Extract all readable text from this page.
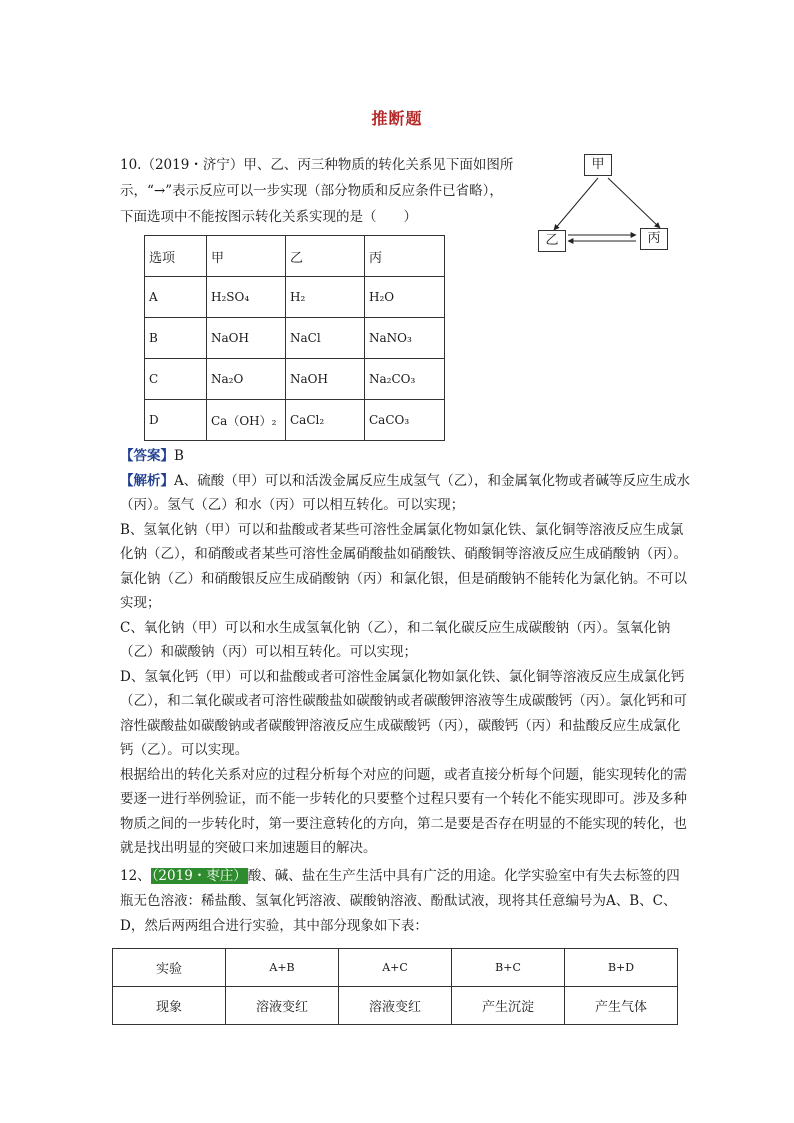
推断题

10.（2019・济宁）甲、乙、丙三种物质的转化关系见下面如图所

示，“→”表示反应可以一步实现（部分物质和反应条件已省略），

下面选项中不能按图示转化关系实现的是（　　）

甲
乙	丙
选项	甲	乙	丙
A	H₂SO₄	H₂	H₂O
B	NaOH	NaCl	NaNO₃
C	Na₂O	NaOH	Na₂CO₃
D	Ca（OH）₂	CaCl₂	CaCO₃

【答案】B

【解析】A、硫酸（甲）可以和活泼金属反应生成氢气（乙），和金属氧化物或者碱等反应生成水（丙）。氢气（乙）和水（丙）可以相互转化。可以实现；

B、氢氧化钠（甲）可以和盐酸或者某些可溶性金属氯化物如氯化铁、氯化铜等溶液反应生成氯化钠（乙），和硝酸或者某些可溶性金属硝酸盐如硝酸铁、硝酸铜等溶液反应生成硝酸钠（丙）。氯化钠（乙）和硝酸银反应生成硝酸钠（丙）和氯化银，但是硝酸钠不能转化为氯化钠。不可以实现；

C、氧化钠（甲）可以和水生成氢氧化钠（乙），和二氧化碳反应生成碳酸钠（丙）。氢氧化钠（乙）和碳酸钠（丙）可以相互转化。可以实现；

D、氢氧化钙（甲）可以和盐酸或者可溶性金属氯化物如氯化铁、氯化铜等溶液反应生成氯化钙（乙），和二氧化碳或者可溶性碳酸盐如碳酸钠或者碳酸钾溶液等生成碳酸钙（丙）。氯化钙和可溶性碳酸盐如碳酸钠或者碳酸钾溶液反应生成碳酸钙（丙），碳酸钙（丙）和盐酸反应生成氯化钙（乙）。可以实现。

根据给出的转化关系对应的过程分析每个对应的问题，或者直接分析每个问题，能实现转化的需要逐一进行举例验证，而不能一步转化的只要整个过程只要有一个转化不能实现即可。涉及多种物质之间的一步转化时，第一要注意转化的方向，第二是要是否存在明显的不能实现的转化，也就是找出明显的突破口来加速题目的解决。

12、（2019・枣庄）酸、碱、盐在生产生活中具有广泛的用途。化学实验室中有失去标签的四瓶无色溶液：稀盐酸、氢氧化钙溶液、碳酸钠溶液、酚酞试液，现将其任意编号为A、B、C、D，然后两两组合进行实验，其中部分现象如下表：

实验	A+B	A+C	B+C	B+D
现象	溶液变红	溶液变红	产生沉淀	产生气体
